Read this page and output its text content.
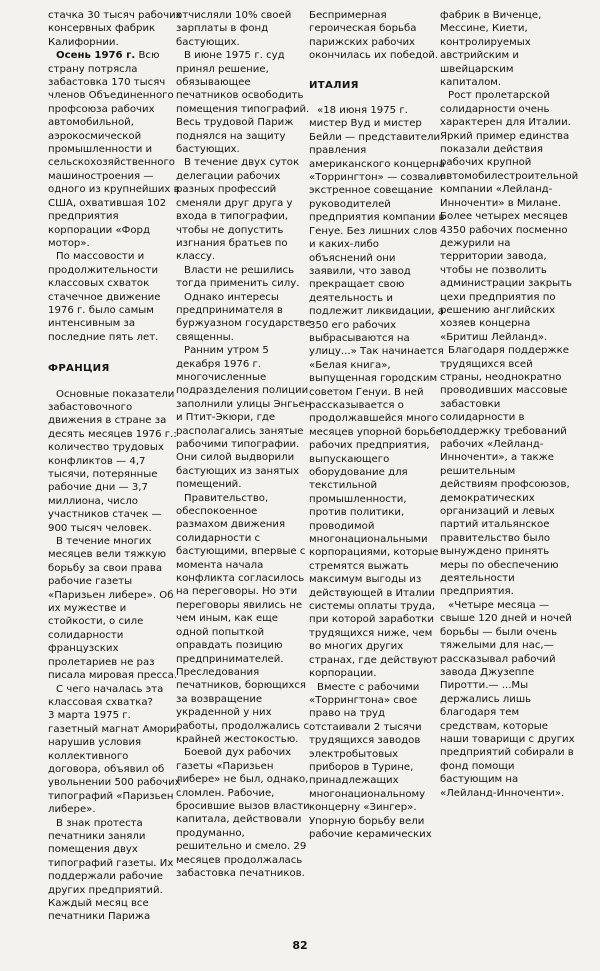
стачка 30 тысяч рабочих консервных фабрик Калифорнии.

Осень 1976 г. Всю страну потрясла забастовка 170 тысяч членов Объединенного профсоюза рабочих автомобильной, аэрокосмической промышленности и сельскохозяйственного машиностроения — одного из крупнейших в США, охватившая 102 предприятия корпорации «Форд мотор».

По массовости и продолжительности классовых схваток стачечное движение 1976 г. было самым интенсивным за последние пять лет.

ФРАНЦИЯ

Основные показатели забастовочного движения в стране за десять месяцев 1976 г.:

количество трудовых конфликтов — 4,7 тысячи, потерянные рабочие дни — 3,7 миллиона, число участников стачек — 900 тысяч человек.

В течение многих месяцев вели тяжкую борьбу за свои права рабочие газеты «Паризьен либере». Об их мужестве и стойкости, о силе солидарности французских пролетариев не раз писала мировая пресса.

С чего началась эта классовая схватка?

3 марта 1975 г. газетный магнат Амори, нарушив условия коллективного договора, объявил об увольнении 500 рабочих типографий «Паризьен либере».

В знак протеста печатники заняли помещения двух типографий газеты. Их поддержали рабочие других предприятий. Каждый месяц все печатники Парижа

отчисляли 10% своей зарплаты в фонд бастующих.

В июне 1975 г. суд принял решение, обязывающее печатников освободить помещения типографий. Весь трудовой Париж поднялся на защиту бастующих.

В течение двух суток делегации рабочих разных профессий сменяли друг друга у входа в типографии, чтобы не допустить изгнания братьев по классу.

Власти не решились тогда применить силу.

Однако интересы предпринимателя в буржуазном государстве священны.

Ранним утром 5 декабря 1976 г. многочисленные подразделения полиции заполнили улицы Энгьен и Птит-Экюри, где располагались занятые рабочими типографии. Они силой выдворили бастующих из занятых помещений.

Правительство, обеспокоенное размахом движения солидарности с бастующими, впервые с момента начала конфликта согласилось на переговоры. Но эти переговоры явились не чем иным, как еще одной попыткой оправдать позицию предпринимателей. Преследования печатников, борющихся за возвращение украденной у них работы, продолжались с крайней жестокостью.

Боевой дух рабочих газеты «Паризьен либере» не был, однако, сломлен. Рабочие, бросившие вызов власти капитала, действовали продуманно, решительно и смело. 29 месяцев продолжалась забастовка печатников.

Беспримерная героическая борьба парижских рабочих окончилась их победой.

ИТАЛИЯ

«18 июня 1975 г. мистер Вуд и мистер Бейли — представители правления американского концерна «Торрингтон» — созвали экстренное совещание руководителей предприятия компании в Генуе. Без лишних слов и каких-либо объяснений они заявили, что завод прекращает свою деятельность и подлежит ликвидации, а 350 его рабочих выбрасываются на улицу...» Так начинается «Белая книга», выпущенная городским советом Генуи. В ней рассказывается о продолжавшейся много месяцев упорной борьбе рабочих предприятия, выпускающего оборудование для текстильной промышленности, против политики, проводимой многонациональными корпорациями, которые стремятся выжать максимум выгоды из действующей в Италии системы оплаты труда, при которой заработки трудящихся ниже, чем во многих других странах, где действуют корпорации.

Вместе с рабочими «Торрингтона» свое право на труд отстаивали 2 тысячи трудящихся заводов электробытовых приборов в Турине, принадлежащих многонациональному концерну «Зингер». Упорную борьбу вели рабочие керамических

фабрик в Виченце, Мессине, Киети, контролируемых австрийским и швейцарским капиталом.

Рост пролетарской солидарности очень характерен для Италии. Яркий пример единства показали действия рабочих крупной автомобилестроительной компании «Лейланд-Инноченти» в Милане. Более четырех месяцев 4350 рабочих посменно дежурили на территории завода, чтобы не позволить администрации закрыть цехи предприятия по решению английских хозяев концерна «Бритиш Лейланд».

Благодаря поддержке трудящихся всей страны, неоднократно проводивших массовые забастовки солидарности в поддержку требований рабочих «Лейланд-Инноченти», а также решительным действиям профсоюзов, демократических организаций и левых партий итальянское правительство было вынуждено принять меры по обеспечению деятельности предприятия.

«Четыре месяца — свыше 120 дней и ночей борьбы — были очень тяжелыми для нас,— рассказывал рабочий завода Джузеппе Пиротти.— ...Мы держались лишь благодаря тем средствам, которые наши товарищи с других предприятий собирали в фонд помощи бастующим на «Лейланд-Инноченти».

82
